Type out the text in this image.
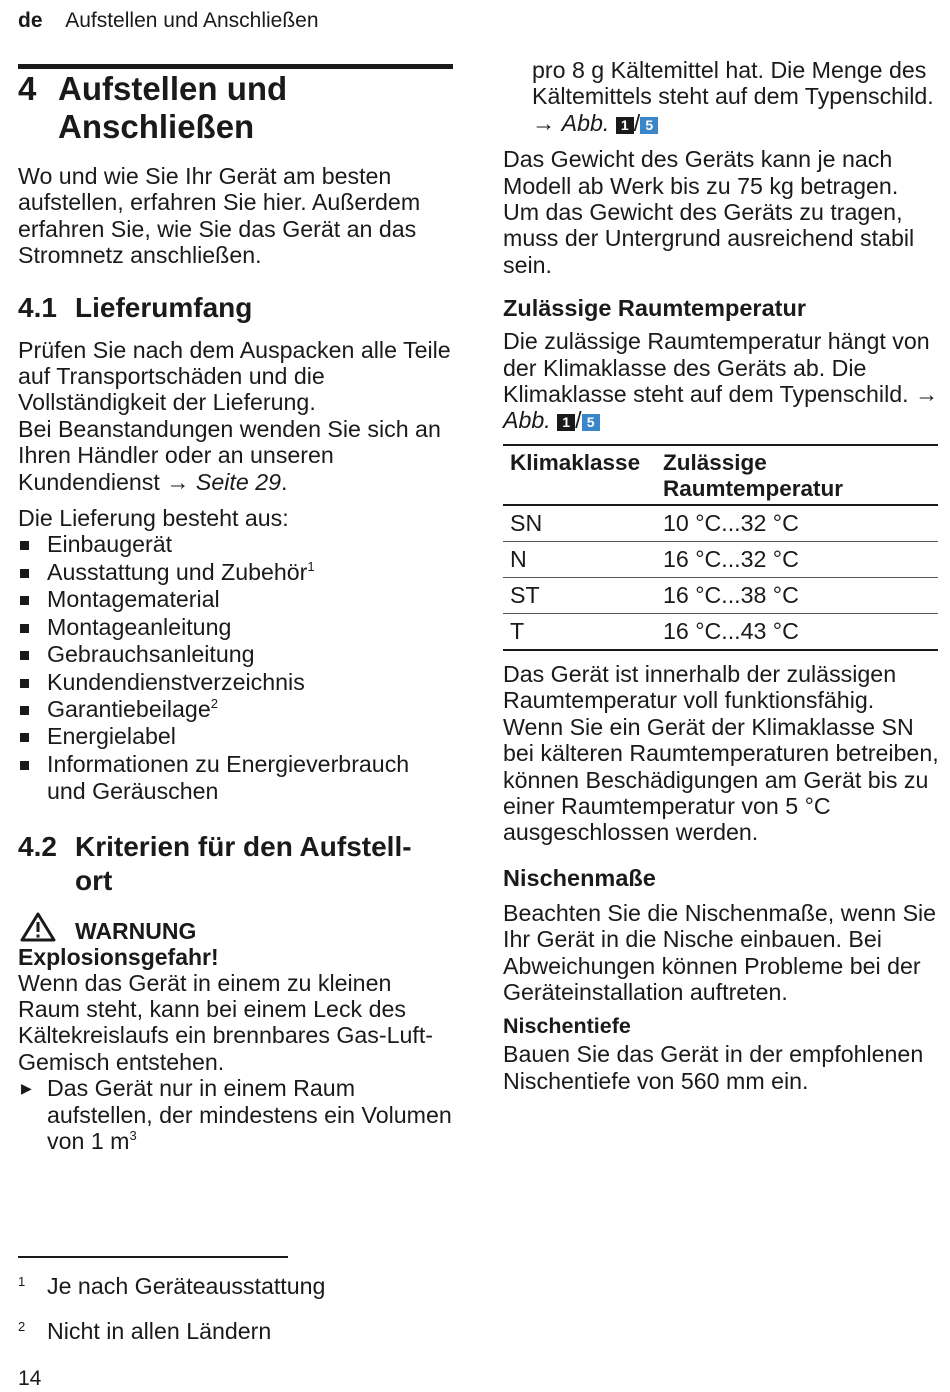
de Aufstellen und Anschließen
4 Aufstellen und
Anschließen

Wo und wie Sie Ihr Gerät am besten aufstellen, erfahren Sie hier. Außerdem erfahren Sie, wie Sie das Gerät an das Stromnetz anschließen.

4.1 Lieferumfang

Prüfen Sie nach dem Auspacken alle Teile auf Transportschäden und die Vollständigkeit der Lieferung.

Bei Beanstandungen wenden Sie sich an Ihren Händler oder an unseren Kundendienst → Seite 29.

Die Lieferung besteht aus:

Einbaugerät
Ausstattung und Zubehör$^1$
Montagematerial
Montageanleitung
Gebrauchsanleitung
Kundendienstverzeichnis
Garantiebeilage$^2$
Energielabel
Informationen zu Energieverbrauch und Geräuschen
4.2 Kriterien für den Aufstell-
ort

WARNUNG

Explosionsgefahr!

Wenn das Gerät in einem zu kleinen Raum steht, kann bei einem Leck des Kältekreislaufs ein brennbares Gas-Luft-Gemisch entstehen.

▶ Das Gerät nur in einem Raum aufstellen, der mindestens ein Volumen von 1 $m^3$

pro 8 g Kältemittel hat. Die Menge des Kältemittels steht auf dem Typenschild.
→ Abb. 1 / 5

Das Gewicht des Geräts kann je nach Modell ab Werk bis zu 75 kg betragen.

Um das Gewicht des Geräts zu tragen, muss der Untergrund ausreichend stabil sein.

Zulässige Raumtemperatur

Die zulässige Raumtemperatur hängt von der Klimaklasse des Geräts ab. Die Klimaklasse steht auf dem Typenschild. → Abb. 1 / 5

Klimaklasse	Zulässige Raumtemperatur
SN	10 °C...32 °C
N	16 °C...32 °C
ST	16 °C...38 °C
T	16 °C...43 °C

Das Gerät ist innerhalb der zulässigen Raumtemperatur voll funktionsfähig.

Wenn Sie ein Gerät der Klimaklasse SN bei kälteren Raumtemperaturen betreiben, können Beschädigungen am Gerät bis zu einer Raumtemperatur von 5 °C ausgeschlossen werden.

Nischenmaße

Beachten Sie die Nischenmaße, wenn Sie Ihr Gerät in die Nische einbauen. Bei Abweichungen können Probleme bei der Geräteinstallation auftreten.

Nischentiefe

Bauen Sie das Gerät in der empfohlenen Nischentiefe von 560 mm ein.

1 Je nach Geräteausstattung
2 Nicht in allen Ländern
14
